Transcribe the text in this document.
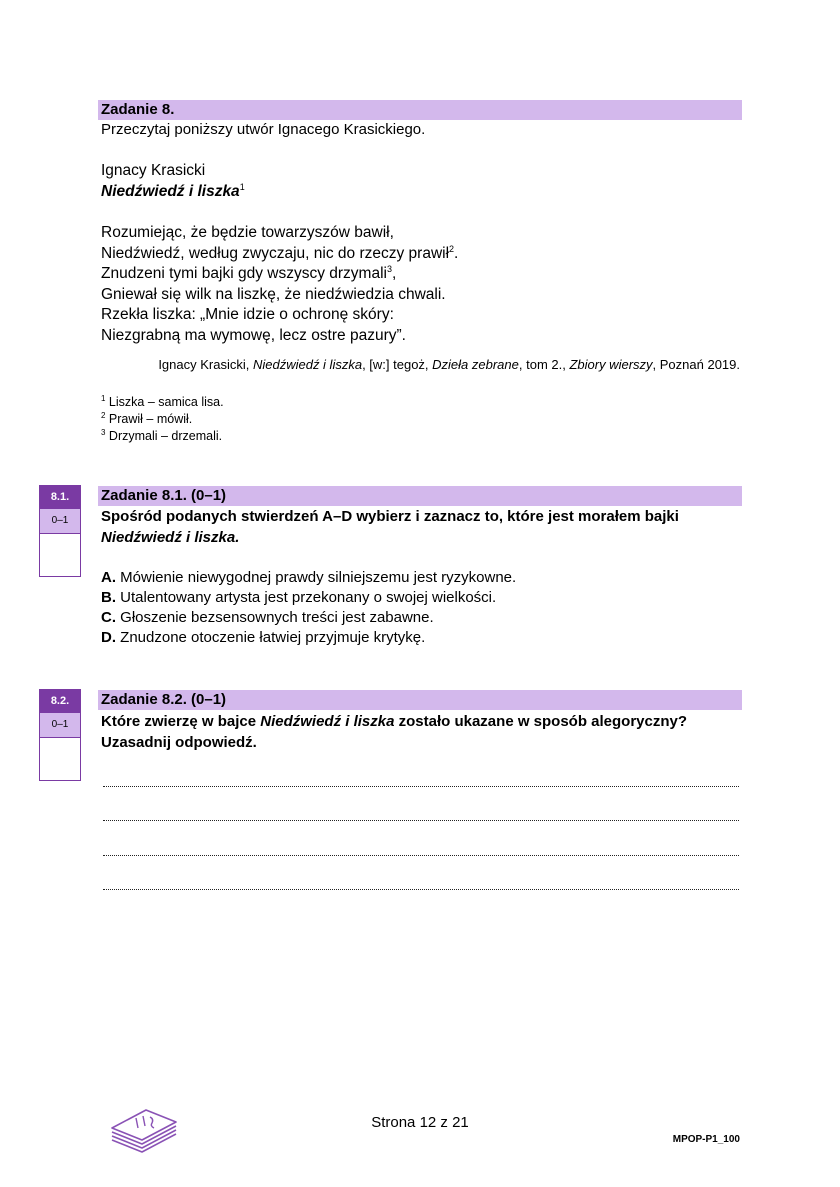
Zadanie 8.
Przeczytaj poniższy utwór Ignacego Krasickiego.
Ignacy Krasicki
Niedźwiedź i liszka$^1$
Rozumiejąc, że będzie towarzyszów bawił,
Niedźwiedź, według zwyczaju, nic do rzeczy prawił$^2$.
Znudzeni tymi bajki gdy wszyscy drzymali$^3$,
Gniewał się wilk na liszkę, że niedźwiedzia chwali.
Rzekła liszka: „Mnie idzie o ochronę skóry:
Niezgrabną ma wymowę, lecz ostre pazury”.
Ignacy Krasicki, Niedźwiedź i liszka, [w:] tegoż, Dzieła zebrane, tom 2., Zbiory wierszy, Poznań 2019.
$^1$ Liszka – samica lisa.
$^2$ Prawił – mówił.
$^3$ Drzymali – drzemali.
8.1.
0–1
Zadanie 8.1. (0–1)
Spośród podanych stwierdzeń A–D wybierz i zaznacz to, które jest morałem bajki
Niedźwiedź i liszka.
A. Mówienie niewygodnej prawdy silniejszemu jest ryzykowne.
B. Utalentowany artysta jest przekonany o swojej wielkości.
C. Głoszenie bezsensownych treści jest zabawne.
D. Znudzone otoczenie łatwiej przyjmuje krytykę.
8.2.
0–1
Zadanie 8.2. (0–1)
Które zwierzę w bajce Niedźwiedź i liszka zostało ukazane w sposób alegoryczny?
Uzasadnij odpowiedź.
Strona 12 z 21
MPOP-P1_100
